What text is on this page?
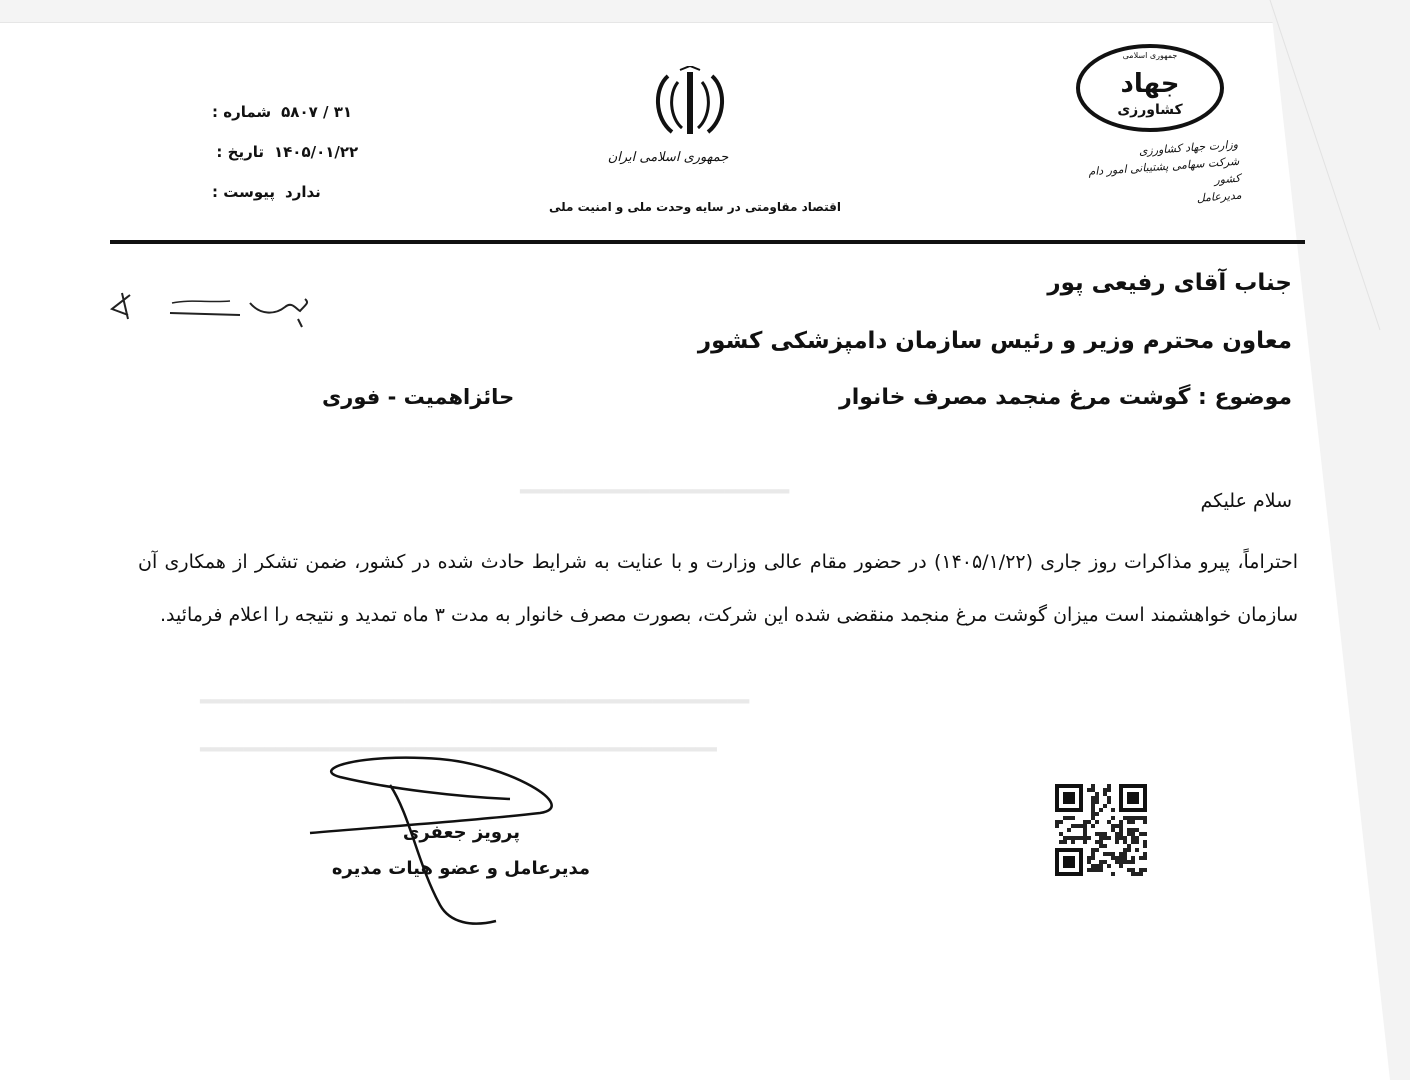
شماره : ۳۱ / ۵۸۰۷
تاریخ : ۱۴۰۵/۰۱/۲۲
پیوست : ندارد
جمهوری اسلامی ایران
اقتصاد مقاومتی در سایه وحدت ملی و امنیت ملی
جهاد
کشاورزی
جمهوری اسلامی
وزارت جهاد کشاورزی
شرکت سهامی پشتیبانی امور دام کشور
مدیرعامل
جناب آقای رفیعی پور
معاون محترم وزیر و رئیس سازمان دامپزشکی کشور
موضوع : گوشت مرغ منجمد مصرف خانوار
حائزاهمیت - فوری
▂▂▂▂▂▂▂▂▂▂▂▂▂▂▂▂▂▂▂▂▂▂▂▂▂
▂▂▂▂▂▂▂▂▂▂▂▂▂▂▂▂▂▂▂▂▂▂▂▂▂▂▂▂▂▂▂▂▂▂▂▂▂▂▂▂▂▂▂▂▂▂▂▂▂▂▂
▂▂▂▂▂▂▂▂▂▂▂▂▂▂▂▂▂▂▂▂▂▂▂▂▂▂▂▂▂▂▂▂▂▂▂▂▂▂▂▂▂▂▂▂▂▂▂▂
سلام علیکم
احتراماً، پیرو مذاکرات روز جاری (۱۴۰۵/۱/۲۲) در حضور مقام عالی وزارت و با عنایت به شرایط حادث شده در کشور، ضمن تشکر از همکاری آن سازمان خواهشمند است میزان گوشت مرغ منجمد منقضی شده این شرکت، بصورت مصرف خانوار به مدت ۳ ماه تمدید و نتیجه را اعلام فرمائید.
پرویز جعفری
مدیرعامل و عضو هیات مدیره
